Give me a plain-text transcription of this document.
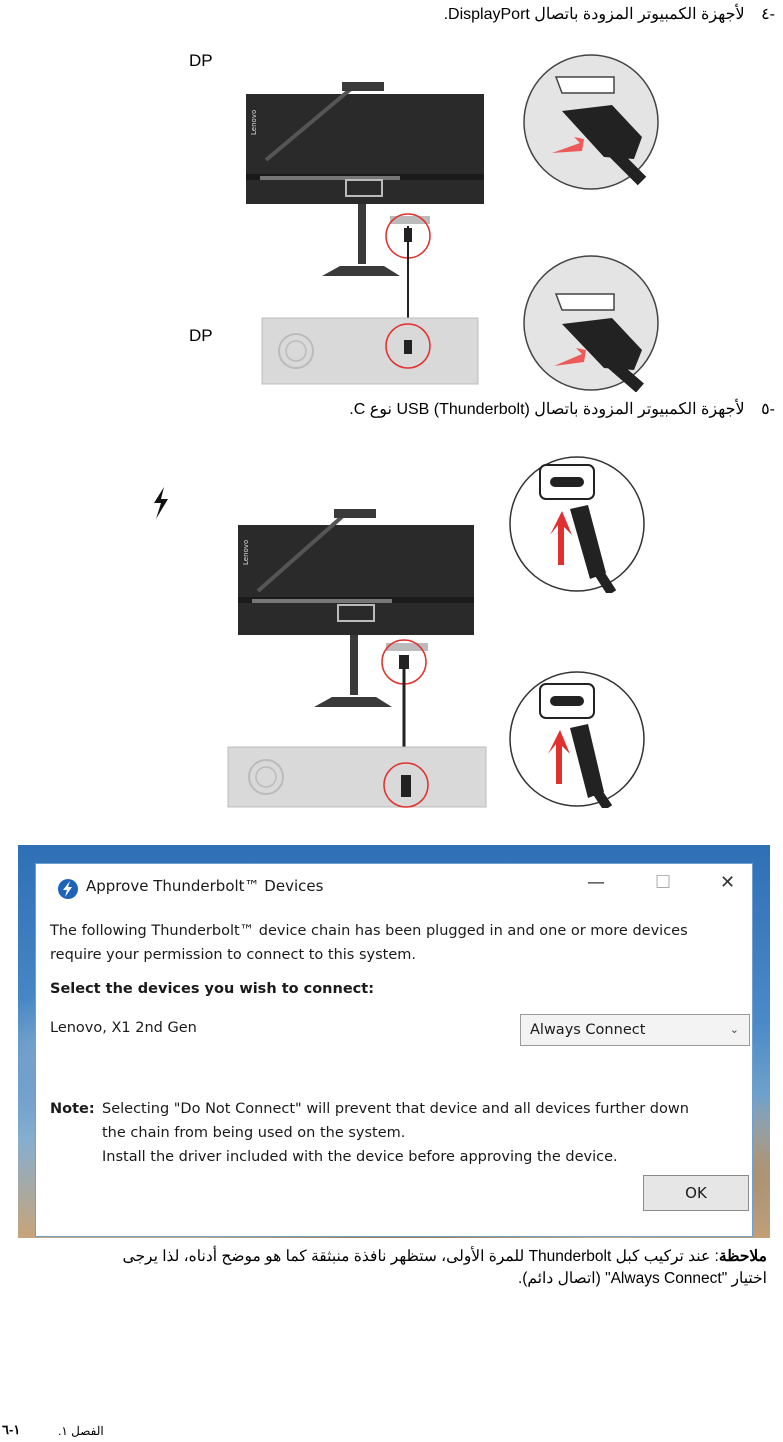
-٤ لأجهزة الكمبيوتر المزودة باتصال DisplayPort.
DP
DP
Lenovo
-٥ لأجهزة الكمبيوتر المزودة باتصال USB (Thunderbolt) نوع C.
Lenovo
Approve Thunderbolt™ Devices	—	☐	✕
The following Thunderbolt™ device chain has been plugged in and one or more devices
require your permission to connect to this system.
Select the devices you wish to connect:
Lenovo, X1 2nd Gen	Always Connect	⌄
Note: Selecting "Do Not Connect" will prevent that device and all devices further down
the chain from being used on the system.
Install the driver included with the device before approving the device.
OK
ملاحظة: عند تركيب كبل Thunderbolt للمرة الأولى، ستظهر نافذة منبثقة كما هو موضح أدناه، لذا يرجى
اختيار "Always Connect" (اتصال دائم).
الفصل ١.
١-٦
